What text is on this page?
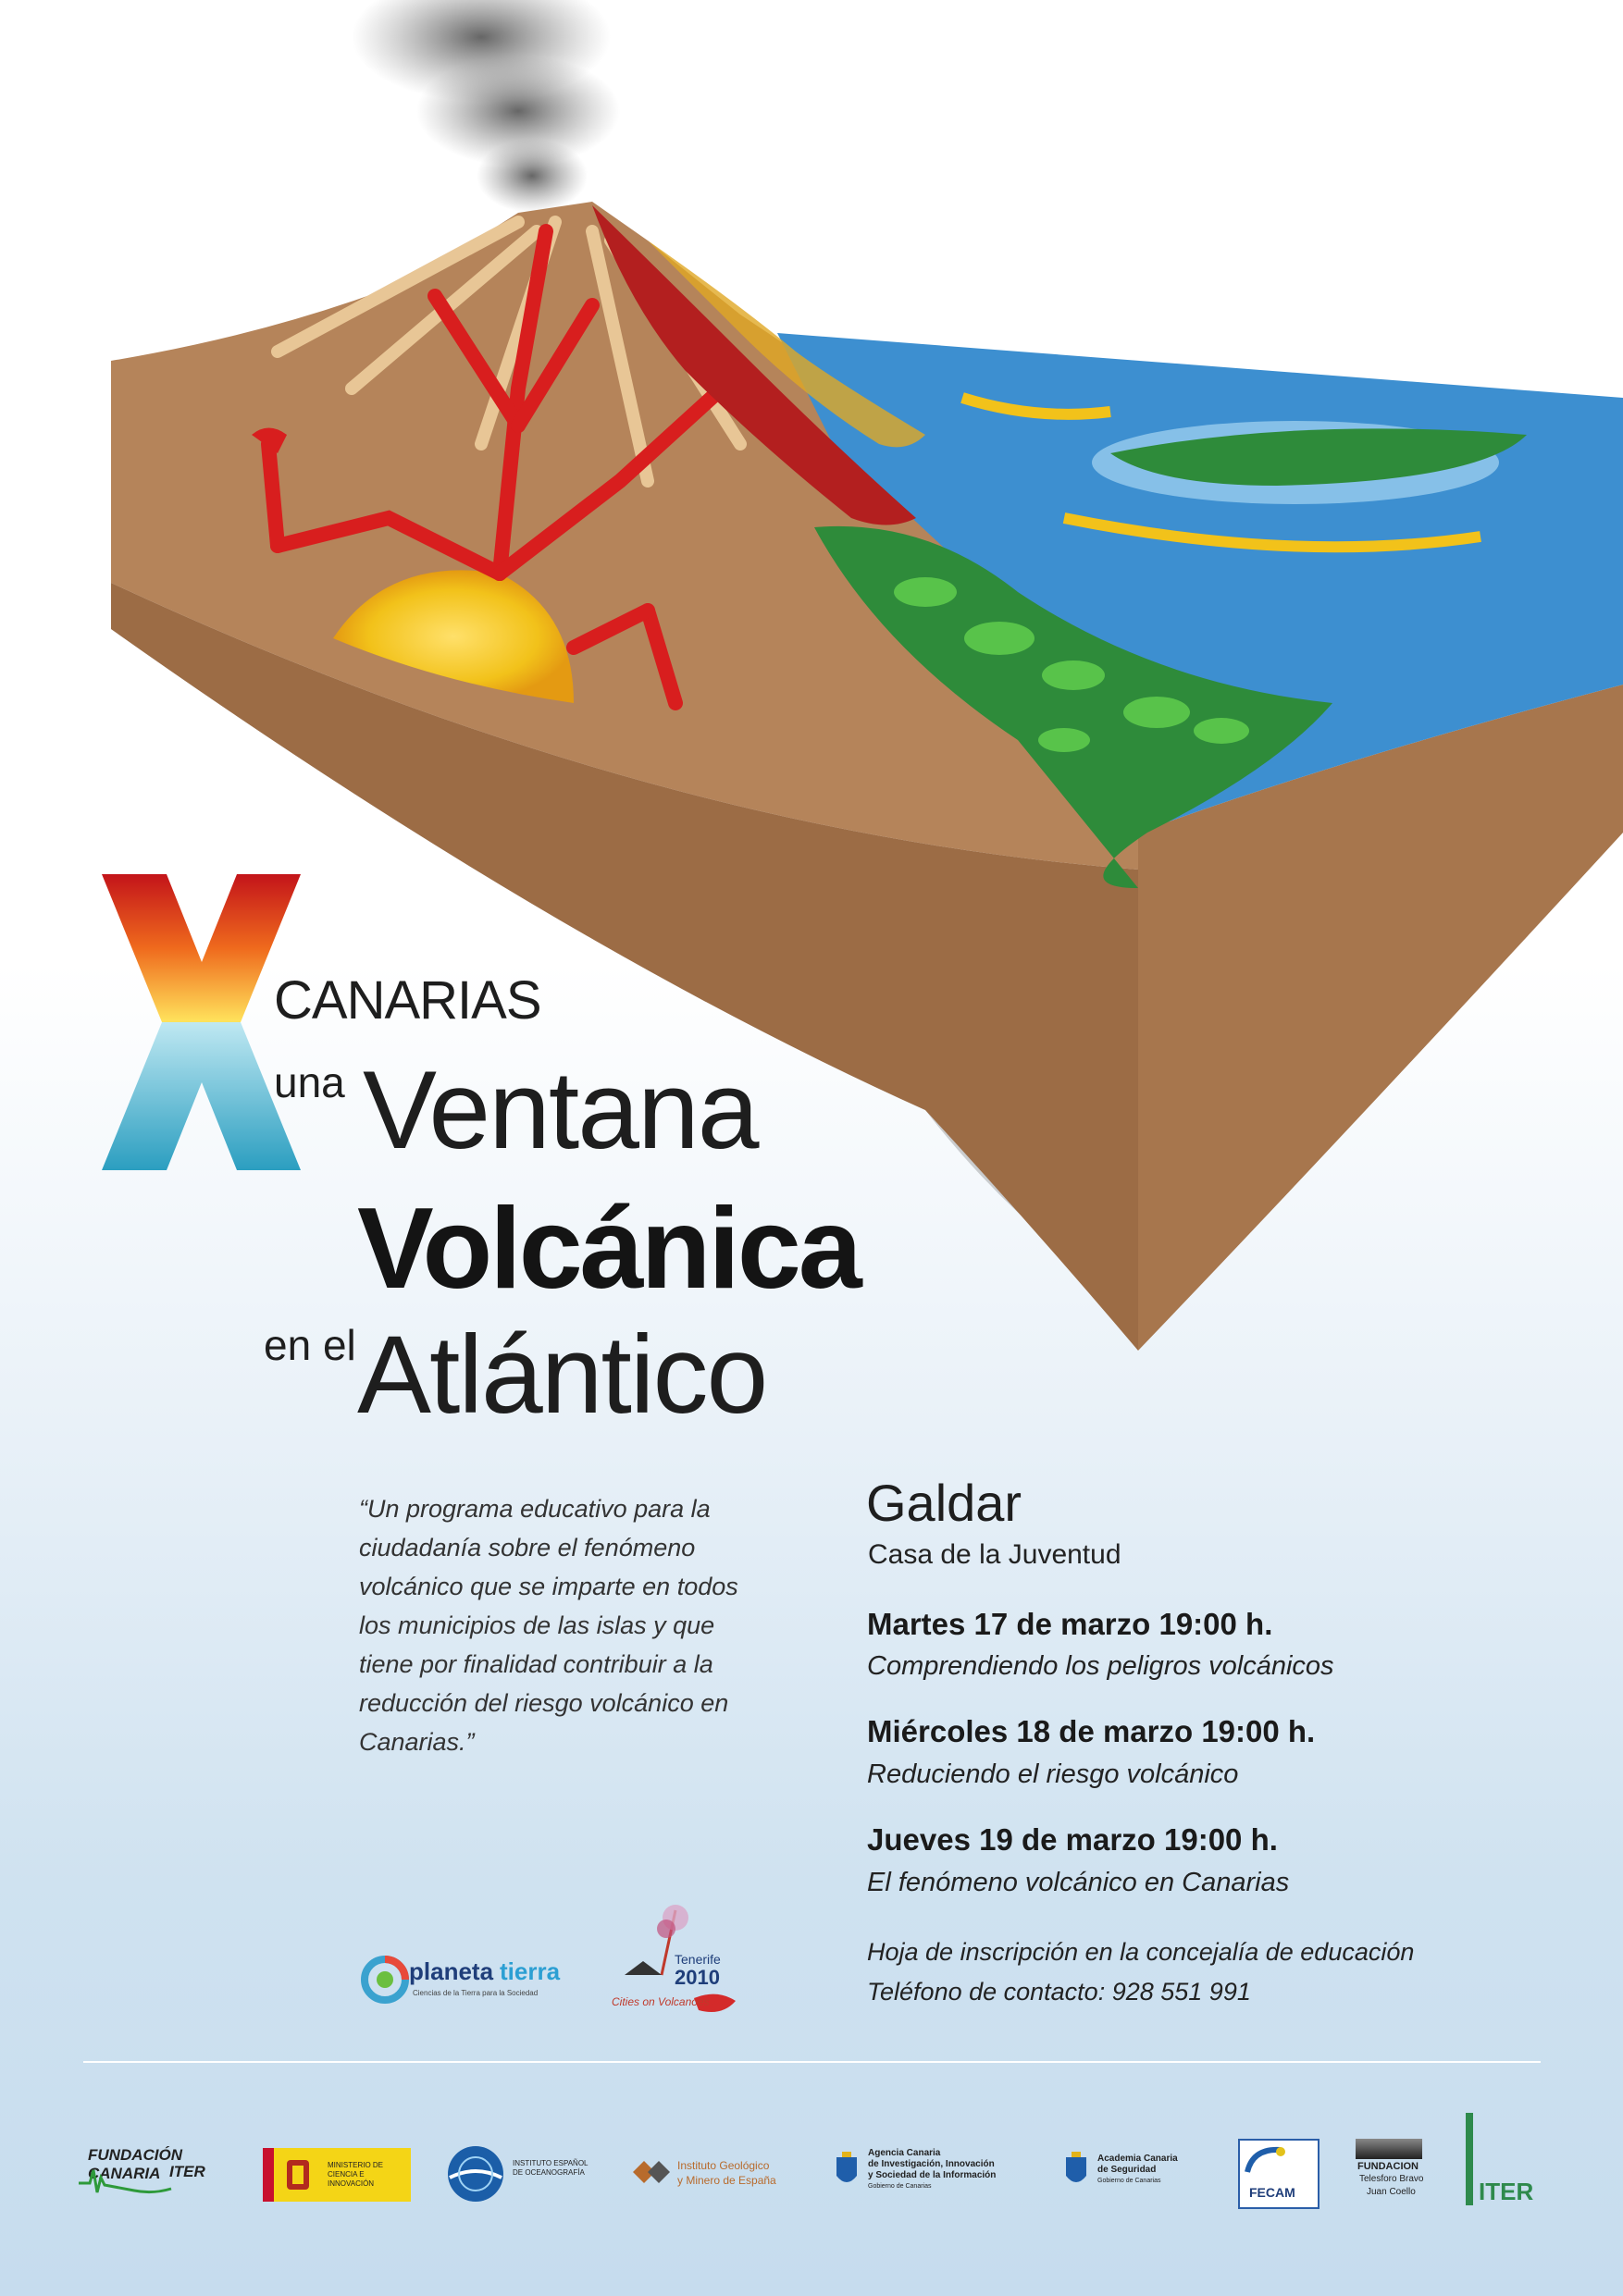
CANARIAS
una Ventana
Volcánica
en el Atlántico
“Un programa educativo para la ciudadanía sobre el fenómeno volcánico que se imparte en todos los municipios de las islas y que tiene por finalidad contribuir a la reducción del riesgo volcánico en Canarias.”
Galdar
Casa de la Juventud
Martes 17 de marzo 19:00 h.
Comprendiendo los peligros volcánicos
Miércoles 18 de marzo 19:00 h.
Reduciendo el riesgo volcánico
Jueves 19 de marzo 19:00 h.
El fenómeno volcánico en Canarias
Hoja de inscripción en la concejalía de educación
Teléfono de contacto: 928 551 991
planeta tierra
Ciencias de la Tierra para la Sociedad
Tenerife
2010
Cities on Volcanoes
FUNDACIÓN CANARIA ITER	MINISTERIO DE CIENCIA E INNOVACIÓN
INSTITUTO ESPAÑOL DE OCEANOGRAFÍA
Instituto Geológico
y Minero de España
Agencia Canaria
de Investigación, Innovación
y Sociedad de la Información
Gobierno de Canarias
Academia Canaria
de Seguridad
Gobierno de Canarias
FECAM
FUNDACION
Telesforo Bravo
Juan Coello	ITER
